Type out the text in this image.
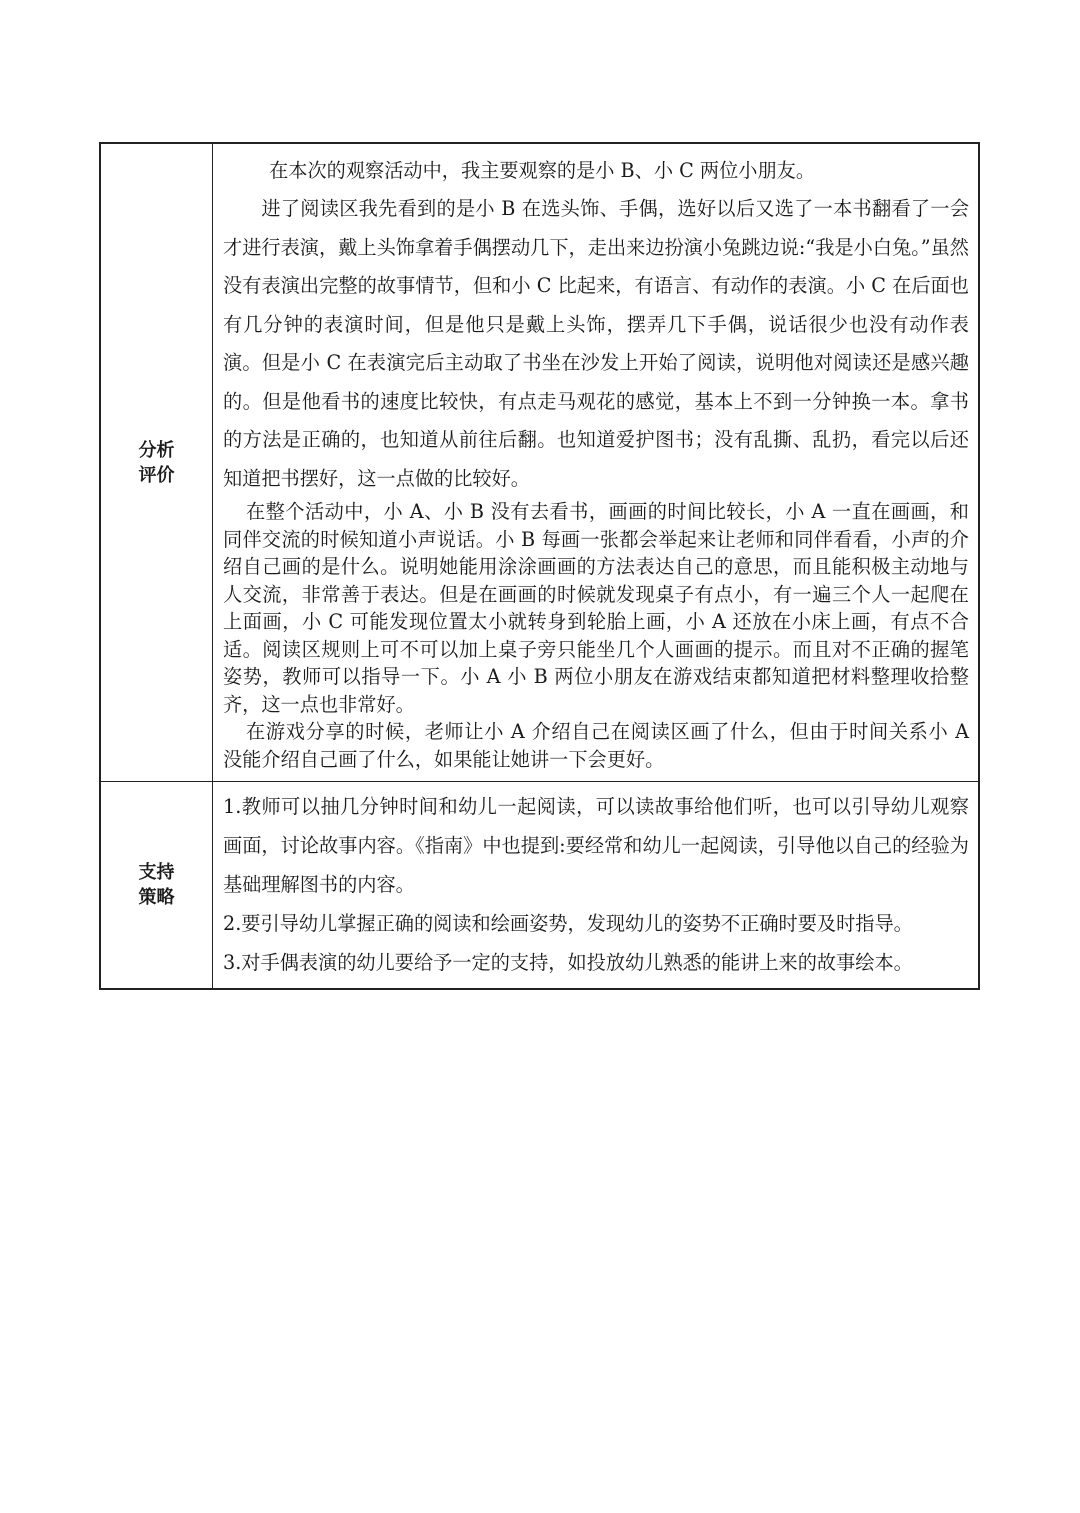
分析
评价

在本次的观察活动中，我主要观察的是小 B、小 C 两位小朋友。

进了阅读区我先看到的是小 B 在选头饰、手偶，选好以后又选了一本书翻看了一会才进行表演，戴上头饰拿着手偶摆动几下，走出来边扮演小兔跳边说:“我是小白兔。”虽然没有表演出完整的故事情节，但和小 C 比起来，有语言、有动作的表演。小 C 在后面也有几分钟的表演时间，但是他只是戴上头饰，摆弄几下手偶，说话很少也没有动作表演。但是小 C 在表演完后主动取了书坐在沙发上开始了阅读，说明他对阅读还是感兴趣的。但是他看书的速度比较快，有点走马观花的感觉，基本上不到一分钟换一本。拿书的方法是正确的，也知道从前往后翻。也知道爱护图书；没有乱撕、乱扔，看完以后还知道把书摆好，这一点做的比较好。

在整个活动中，小 A、小 B 没有去看书，画画的时间比较长，小 A 一直在画画，和同伴交流的时候知道小声说话。小 B 每画一张都会举起来让老师和同伴看看，小声的介绍自己画的是什么。说明她能用涂涂画画的方法表达自己的意思，而且能积极主动地与人交流，非常善于表达。但是在画画的时候就发现桌子有点小，有一遍三个人一起爬在上面画，小 C 可能发现位置太小就转身到轮胎上画，小 A 还放在小床上画，有点不合适。阅读区规则上可不可以加上桌子旁只能坐几个人画画的提示。而且对不正确的握笔姿势，教师可以指导一下。小 A 小 B 两位小朋友在游戏结束都知道把材料整理收拾整齐，这一点也非常好。

在游戏分享的时候，老师让小 A 介绍自己在阅读区画了什么，但由于时间关系小 A 没能介绍自己画了什么，如果能让她讲一下会更好。

支持
策略

1.教师可以抽几分钟时间和幼儿一起阅读，可以读故事给他们听，也可以引导幼儿观察画面，讨论故事内容。《指南》中也提到:要经常和幼儿一起阅读，引导他以自己的经验为基础理解图书的内容。

2.要引导幼儿掌握正确的阅读和绘画姿势，发现幼儿的姿势不正确时要及时指导。

3.对手偶表演的幼儿要给予一定的支持，如投放幼儿熟悉的能讲上来的故事绘本。
